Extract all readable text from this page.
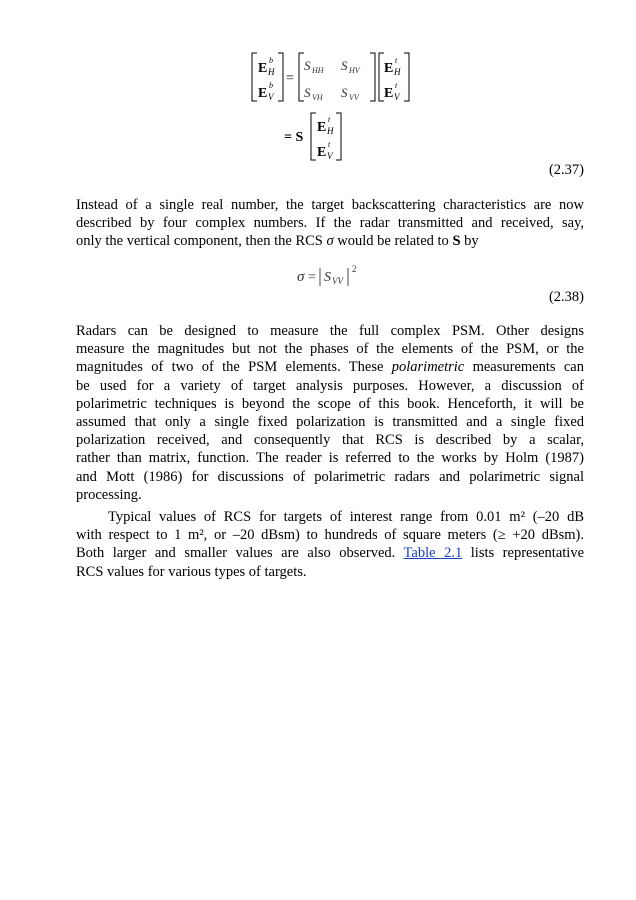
E
b
H
E
b
V
=
S HH S HV
S VH S VV
E
t
H
E
t
V
= S
E
t
H
E
t
V
(2.37)
Instead of a single real number, the target backscattering characteristics are now
described by four complex numbers. If the radar transmitted and received, say,
only the vertical component, then the RCS σ would be related to S by
σ = S VV
2
(2.38)
Radars can be designed to measure the full complex PSM. Other designs
measure the magnitudes but not the phases of the elements of the PSM, or the
magnitudes of two of the PSM elements. These polarimetric measurements can
be used for a variety of target analysis purposes. However, a discussion of
polarimetric techniques is beyond the scope of this book. Henceforth, it will be
assumed that only a single fixed polarization is transmitted and a single fixed
polarization received, and consequently that RCS is described by a scalar,
rather than matrix, function. The reader is referred to the works by Holm (1987)
and Mott (1986) for discussions of polarimetric radars and polarimetric signal
processing.
Typical values of RCS for targets of interest range from 0.01 m² (–20 dB
with respect to 1 m², or –20 dBsm) to hundreds of square meters (≥ +20 dBsm).
Both larger and smaller values are also observed. Table 2.1 lists representative
RCS values for various types of targets.
